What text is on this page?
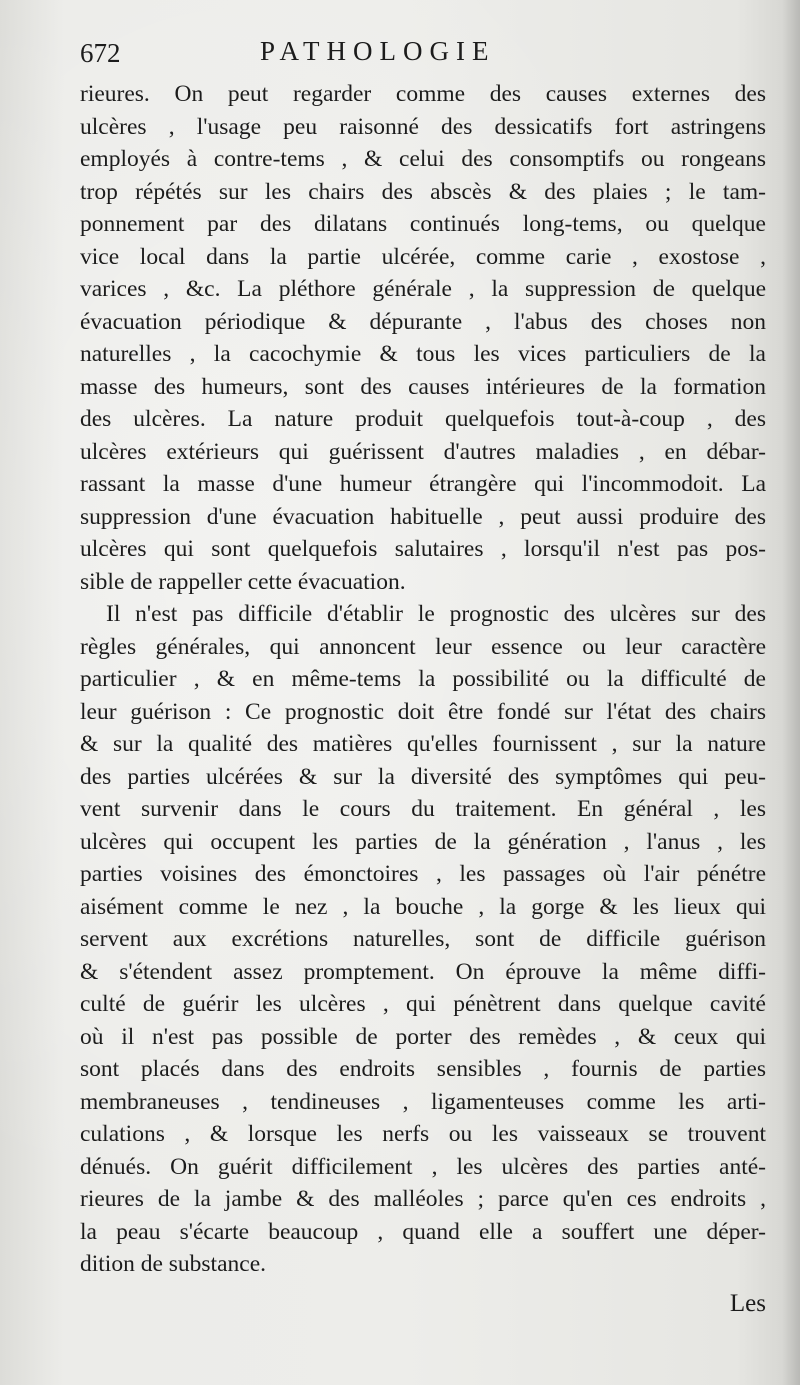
672	PATHOLOGIE
rieures. On peut regarder comme des causes externes des
ulcères , l'usage peu raisonné des dessicatifs fort astringens
employés à contre-tems , & celui des consomptifs ou rongeans
trop répétés sur les chairs des abscès & des plaies ; le tam-
ponnement par des dilatans continués long-tems, ou quelque
vice local dans la partie ulcérée, comme carie , exostose ,
varices , &c. La pléthore générale , la suppression de quelque
évacuation périodique & dépurante , l'abus des choses non
naturelles , la cacochymie & tous les vices particuliers de la
masse des humeurs, sont des causes intérieures de la formation
des ulcères. La nature produit quelquefois tout-à-coup , des
ulcères extérieurs qui guérissent d'autres maladies , en débar-
rassant la masse d'une humeur étrangère qui l'incommodoit. La
suppression d'une évacuation habituelle , peut aussi produire des
ulcères qui sont quelquefois salutaires , lorsqu'il n'est pas pos-
sible de rappeller cette évacuation.
Il n'est pas difficile d'établir le prognostic des ulcères sur des
règles générales, qui annoncent leur essence ou leur caractère
particulier , & en même-tems la possibilité ou la difficulté de
leur guérison : Ce prognostic doit être fondé sur l'état des chairs
& sur la qualité des matières qu'elles fournissent , sur la nature
des parties ulcérées & sur la diversité des symptômes qui peu-
vent survenir dans le cours du traitement. En général , les
ulcères qui occupent les parties de la génération , l'anus , les
parties voisines des émonctoires , les passages où l'air pénétre
aisément comme le nez , la bouche , la gorge & les lieux qui
servent aux excrétions naturelles, sont de difficile guérison
& s'étendent assez promptement. On éprouve la même diffi-
culté de guérir les ulcères , qui pénètrent dans quelque cavité
où il n'est pas possible de porter des remèdes , & ceux qui
sont placés dans des endroits sensibles , fournis de parties
membraneuses , tendineuses , ligamenteuses comme les arti-
culations , & lorsque les nerfs ou les vaisseaux se trouvent
dénués. On guérit difficilement , les ulcères des parties anté-
rieures de la jambe & des malléoles ; parce qu'en ces endroits ,
la peau s'écarte beaucoup , quand elle a souffert une déper-
dition de substance.
Les
